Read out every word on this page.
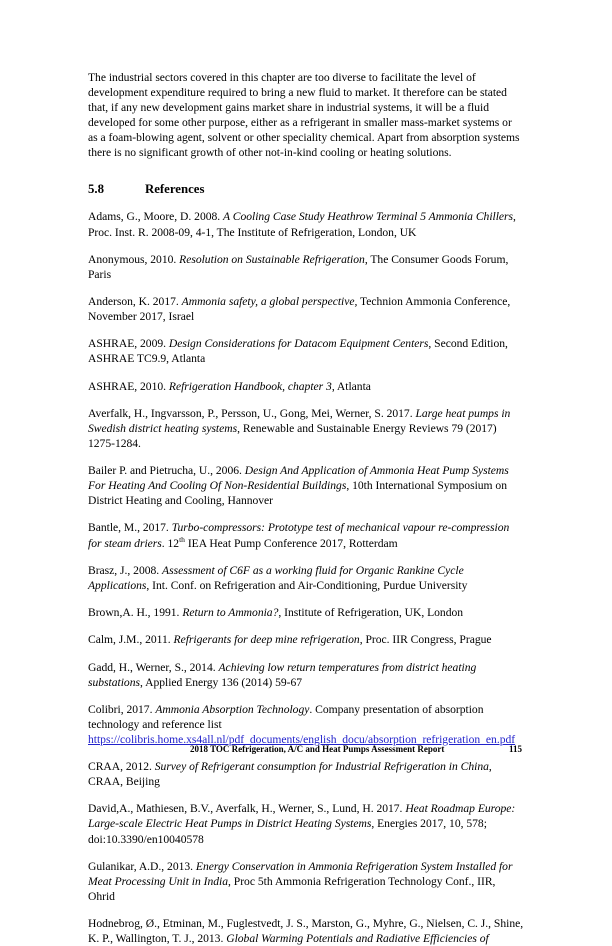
The industrial sectors covered in this chapter are too diverse to facilitate the level of development expenditure required to bring a new fluid to market. It therefore can be stated that, if any new development gains market share in industrial systems, it will be a fluid developed for some other purpose, either as a refrigerant in smaller mass-market systems or as a foam-blowing agent, solvent or other speciality chemical. Apart from absorption systems there is no significant growth of other not-in-kind cooling or heating solutions.

5.8	References
Adams, G., Moore, D. 2008. A Cooling Case Study Heathrow Terminal 5 Ammonia Chillers, Proc. Inst. R. 2008-09, 4-1, The Institute of Refrigeration, London, UK
Anonymous, 2010. Resolution on Sustainable Refrigeration, The Consumer Goods Forum, Paris
Anderson, K. 2017. Ammonia safety, a global perspective, Technion Ammonia Conference, November 2017, Israel
ASHRAE, 2009. Design Considerations for Datacom Equipment Centers, Second Edition, ASHRAE TC9.9, Atlanta
ASHRAE, 2010. Refrigeration Handbook, chapter 3, Atlanta
Averfalk, H., Ingvarsson, P., Persson, U., Gong, Mei, Werner, S. 2017. Large heat pumps in Swedish district heating systems, Renewable and Sustainable Energy Reviews 79 (2017) 1275-1284.
Bailer P. and Pietrucha, U., 2006. Design And Application of Ammonia Heat Pump Systems For Heating And Cooling Of Non-Residential Buildings, 10th International Symposium on District Heating and Cooling, Hannover
Bantle, M., 2017. Turbo-compressors: Prototype test of mechanical vapour re-compression for steam driers. 12th IEA Heat Pump Conference 2017, Rotterdam
Brasz, J., 2008. Assessment of C6F as a working fluid for Organic Rankine Cycle Applications, Int. Conf. on Refrigeration and Air-Conditioning, Purdue University
Brown,A. H., 1991. Return to Ammonia?, Institute of Refrigeration, UK, London
Calm, J.M., 2011. Refrigerants for deep mine refrigeration, Proc. IIR Congress, Prague
Gadd, H., Werner, S., 2014. Achieving low return temperatures from district heating substations, Applied Energy 136 (2014) 59-67
Colibri, 2017. Ammonia Absorption Technology. Company presentation of absorption technology and reference list
https://colibris.home.xs4all.nl/pdf_documents/english_docu/absorption_refrigeration_en.pdf
CRAA, 2012. Survey of Refrigerant consumption for Industrial Refrigeration in China, CRAA, Beijing
David,A., Mathiesen, B.V., Averfalk, H., Werner, S., Lund, H. 2017. Heat Roadmap Europe: Large-scale Electric Heat Pumps in District Heating Systems, Energies 2017, 10, 578; doi:10.3390/en10040578
Gulanikar, A.D., 2013. Energy Conservation in Ammonia Refrigeration System Installed for Meat Processing Unit in India, Proc 5th Ammonia Refrigeration Technology Conf., IIR, Ohrid
Hodnebrog, Ø., Etminan, M., Fuglestvedt, J. S., Marston, G., Myhre, G., Nielsen, C. J., Shine, K. P., Wallington, T. J., 2013. Global Warming Potentials and Radiative Efficiencies of
2018 TOC Refrigeration, A/C and Heat Pumps Assessment Report	115
